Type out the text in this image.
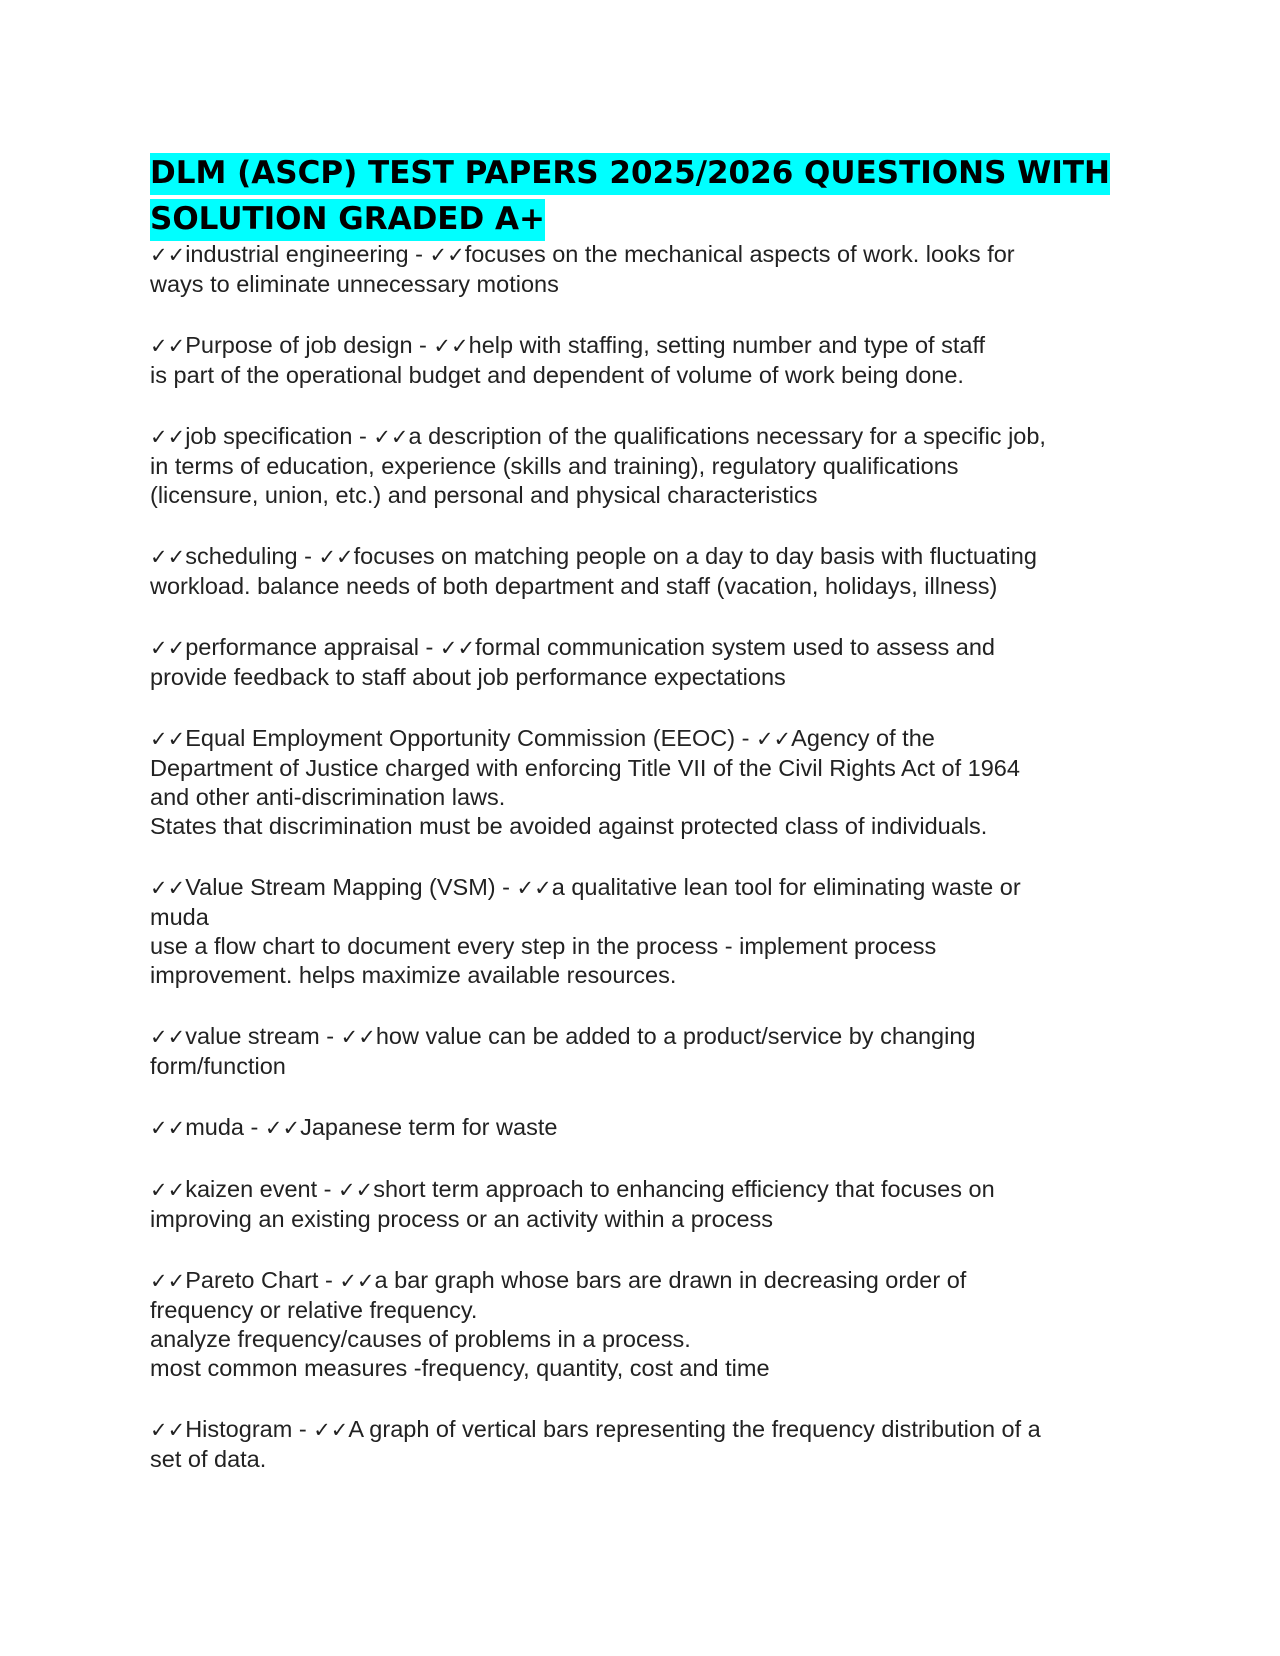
DLM (ASCP) TEST PAPERS 2025/2026 QUESTIONS WITH
SOLUTION GRADED A+

✓✓industrial engineering - ✓✓focuses on the mechanical aspects of work. looks for
ways to eliminate unnecessary motions

✓✓Purpose of job design - ✓✓help with staffing, setting number and type of staff
is part of the operational budget and dependent of volume of work being done.

✓✓job specification - ✓✓a description of the qualifications necessary for a specific job,
in terms of education, experience (skills and training), regulatory qualifications
(licensure, union, etc.) and personal and physical characteristics

✓✓scheduling - ✓✓focuses on matching people on a day to day basis with fluctuating
workload. balance needs of both department and staff (vacation, holidays, illness)

✓✓performance appraisal - ✓✓formal communication system used to assess and
provide feedback to staff about job performance expectations

✓✓Equal Employment Opportunity Commission (EEOC) - ✓✓Agency of the
Department of Justice charged with enforcing Title VII of the Civil Rights Act of 1964
and other anti-discrimination laws.
States that discrimination must be avoided against protected class of individuals.

✓✓Value Stream Mapping (VSM) - ✓✓a qualitative lean tool for eliminating waste or
muda
use a flow chart to document every step in the process - implement process
improvement. helps maximize available resources.

✓✓value stream - ✓✓how value can be added to a product/service by changing
form/function

✓✓muda - ✓✓Japanese term for waste

✓✓kaizen event - ✓✓short term approach to enhancing efficiency that focuses on
improving an existing process or an activity within a process

✓✓Pareto Chart - ✓✓a bar graph whose bars are drawn in decreasing order of
frequency or relative frequency.
analyze frequency/causes of problems in a process.
most common measures -frequency, quantity, cost and time

✓✓Histogram - ✓✓A graph of vertical bars representing the frequency distribution of a
set of data.
